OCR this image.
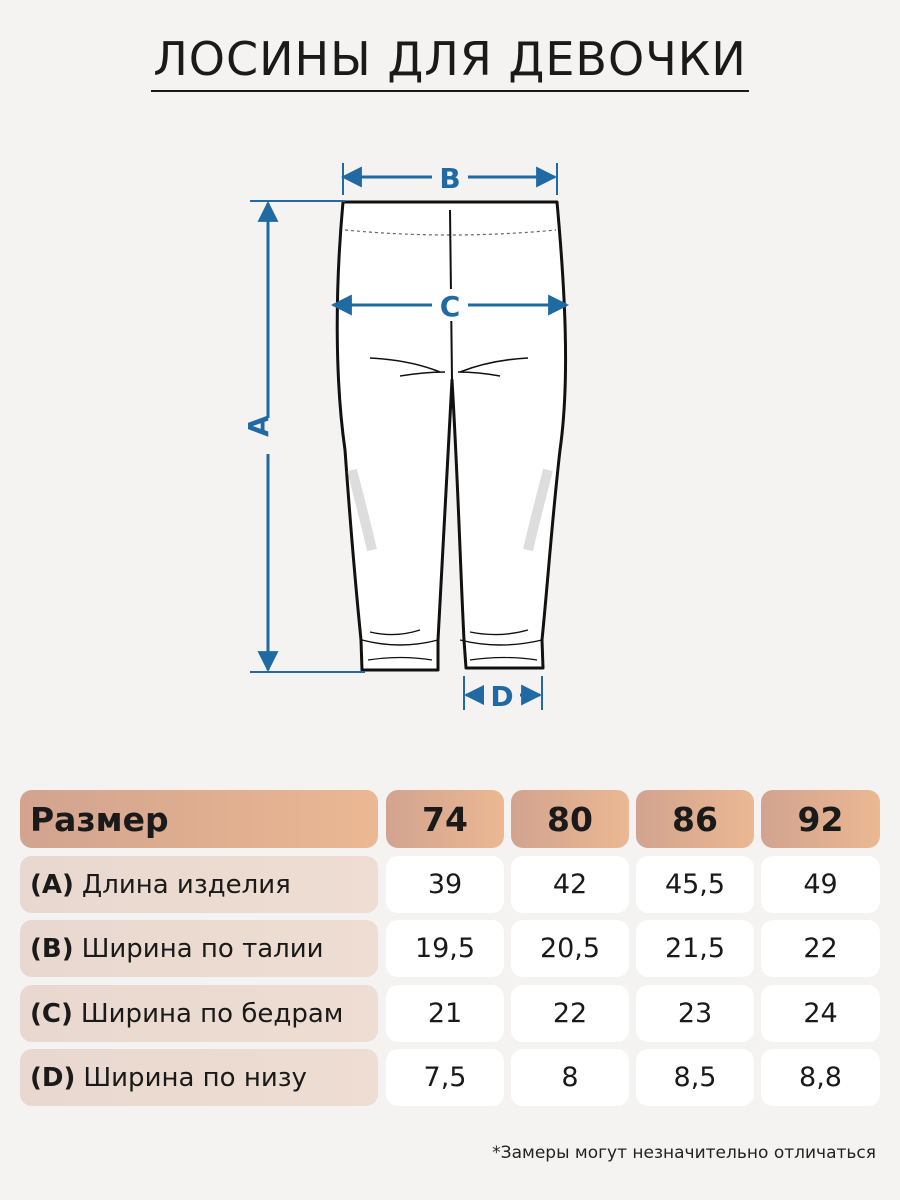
ЛОСИНЫ ДЛЯ ДЕВОЧКИ
B
C
A
D
Размер	74	80	86	92
(A) Длина изделия	39	42	45,5	49
(B) Ширина по талии	19,5	20,5	21,5	22
(C) Ширина по бедрам	21	22	23	24
(D) Ширина по низу	7,5	8	8,5	8,8
*Замеры могут незначительно отличаться
